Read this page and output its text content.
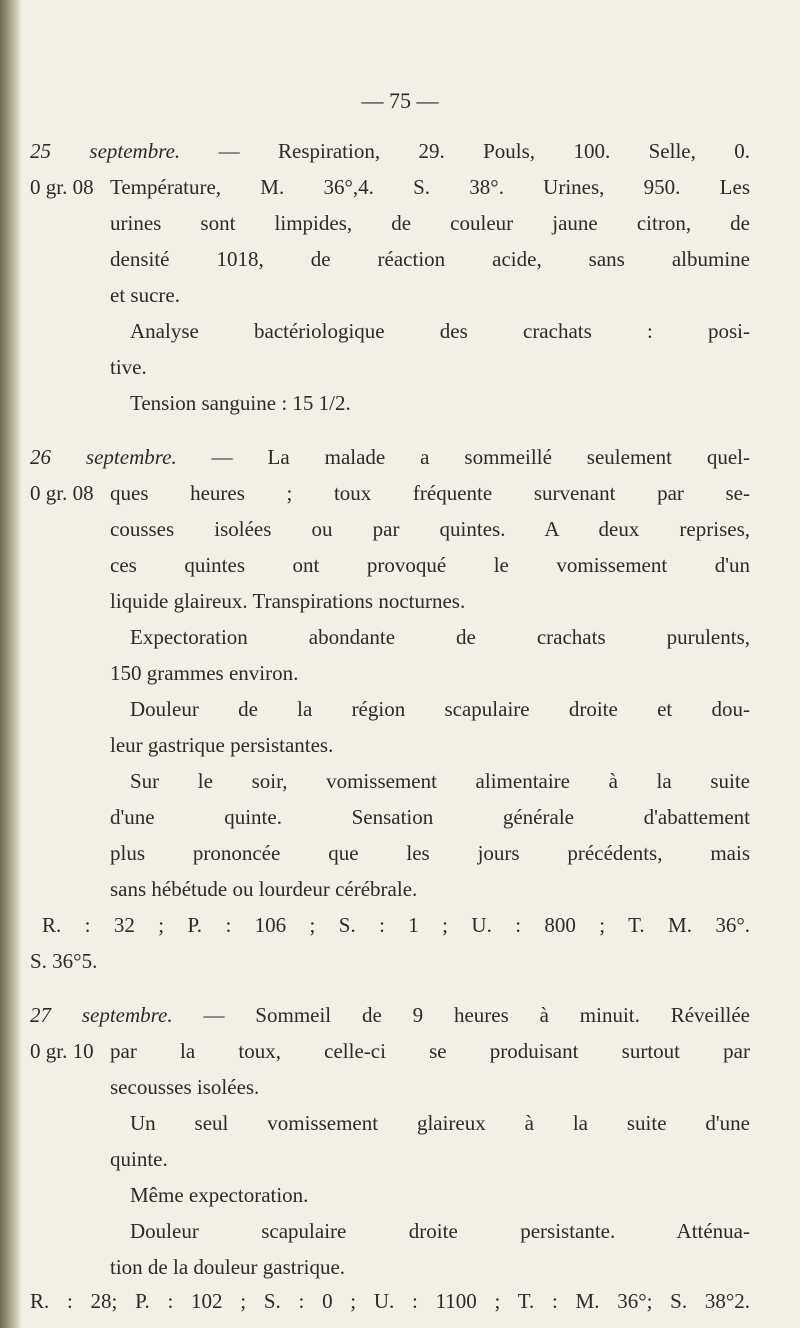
— 75 —
25 septembre. — Respiration, 29. Pouls, 100. Selle, 0.
0 gr. 08 Température, M. 36°,4. S. 38°. Urines, 950. Les
urines sont limpides, de couleur jaune citron, de
densité 1018, de réaction acide, sans albumine
et sucre.
Analyse bactériologique des crachats : posi-
tive.
Tension sanguine : 15 1/2.
26 septembre. — La malade a sommeillé seulement quel-
0 gr. 08 ques heures ; toux fréquente survenant par se-
cousses isolées ou par quintes. A deux reprises,
ces quintes ont provoqué le vomissement d'un
liquide glaireux. Transpirations nocturnes.
Expectoration abondante de crachats purulents,
150 grammes environ.
Douleur de la région scapulaire droite et dou-
leur gastrique persistantes.
Sur le soir, vomissement alimentaire à la suite
d'une quinte. Sensation générale d'abattement
plus prononcée que les jours précédents, mais
sans hébétude ou lourdeur cérébrale.
R. : 32 ; P. : 106 ; S. : 1 ; U. : 800 ; T. M. 36°.
S. 36°5.
27 septembre. — Sommeil de 9 heures à minuit. Réveillée
0 gr. 10 par la toux, celle-ci se produisant surtout par
secousses isolées.
Un seul vomissement glaireux à la suite d'une
quinte.
Même expectoration.
Douleur scapulaire droite persistante. Atténua-
tion de la douleur gastrique.
R. : 28; P. : 102 ; S. : 0 ; U. : 1100 ; T. : M. 36°; S. 38°2.
